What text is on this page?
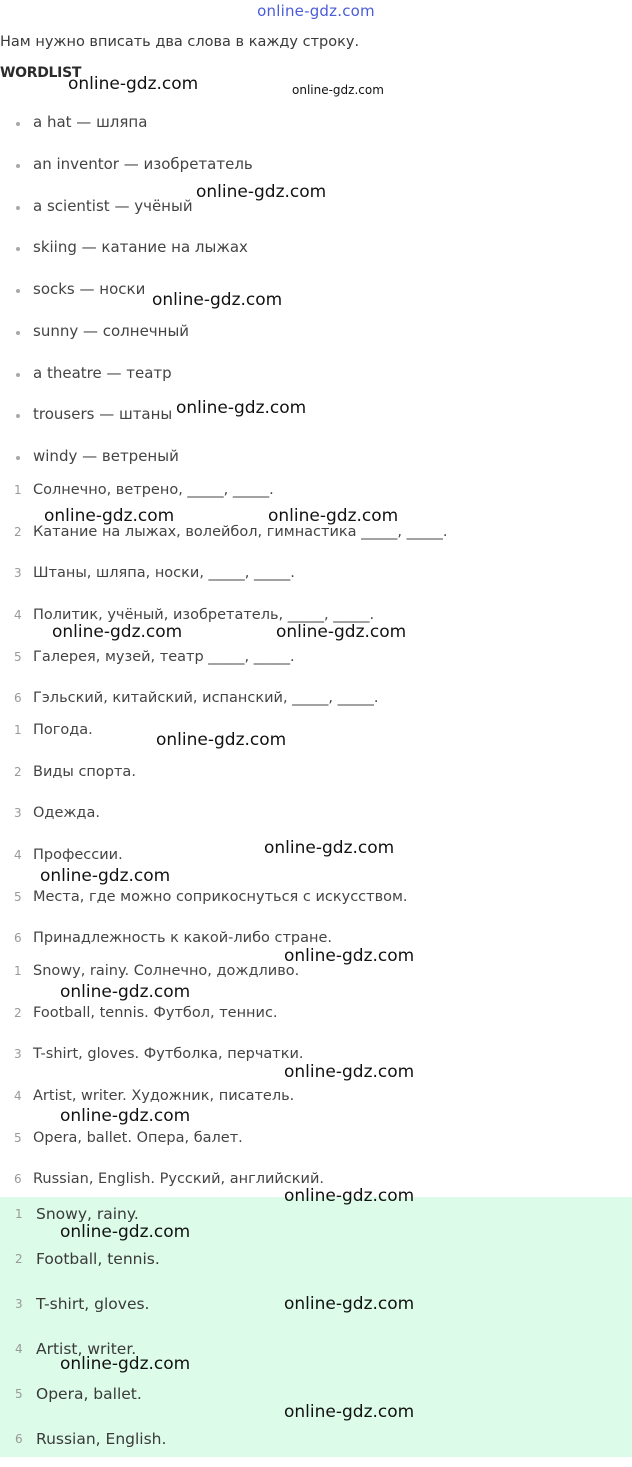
online-gdz.com
Нам нужно вписать два слова в кажду строку.
WORDLIST
a hat — шляпа
an inventor — изобретатель
a scientist — учёный
skiing — катание на лыжах
socks — носки
sunny — солнечный
a theatre — театр
trousers — штаны
windy — ветреный
1 Солнечно, ветрено, _____, _____.
2 Катание на лыжах, волейбол, гимнастика _____, _____.
3 Штаны, шляпа, носки, _____, _____.
4 Политик, учёный, изобретатель, _____, _____.
5 Галерея, музей, театр _____, _____.
6 Гэльский, китайский, испанский, _____, _____.
1 Погода.
2 Виды спорта.
3 Одежда.
4 Профессии.
5 Места, где можно соприкоснуться с искусством.
6 Принадлежность к какой-либо стране.
1 Snowy, rainy. Солнечно, дождливо.
2 Football, tennis. Футбол, теннис.
3 T-shirt, gloves. Футболка, перчатки.
4 Artist, writer. Художник, писатель.
5 Opera, ballet. Опера, балет.
6 Russian, English. Русский, английский.
1 Snowy, rainy.
2 Football, tennis.
3 T-shirt, gloves.
4 Artist, writer.
5 Opera, ballet.
6 Russian, English.
online-gdz.com	online-gdz.com
online-gdz.com
online-gdz.com
online-gdz.com
online-gdz.com	online-gdz.com
online-gdz.com	online-gdz.com
online-gdz.com
online-gdz.com
online-gdz.com
online-gdz.com
online-gdz.com
online-gdz.com
online-gdz.com
online-gdz.com
online-gdz.com
online-gdz.com
online-gdz.com
online-gdz.com
